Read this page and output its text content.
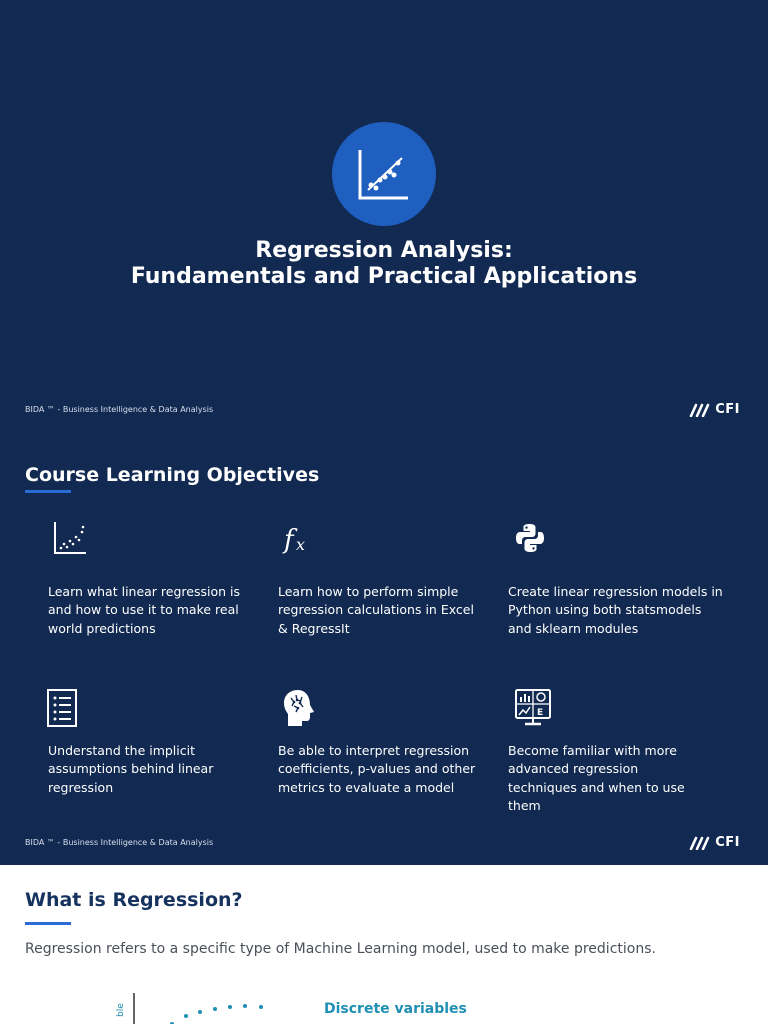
Regression Analysis:
Fundamentals and Practical Applications
BIDA ™ - Business Intelligence & Data Analysis	CFI
Course Learning Objectives
Learn what linear regression is and how to use it to make real world predictions
f x
Learn how to perform simple regression calculations in Excel & RegressIt
Create linear regression models in Python using both statsmodels and sklearn modules
Understand the implicit assumptions behind linear regression
Be able to interpret regression coefficients, p-values and other metrics to evaluate a model
E
Become familiar with more advanced regression techniques and when to use them
BIDA ™ - Business Intelligence & Data Analysis	CFI
What is Regression?
Regression refers to a specific type of Machine Learning model, used to make predictions.
ble	Discrete variables
